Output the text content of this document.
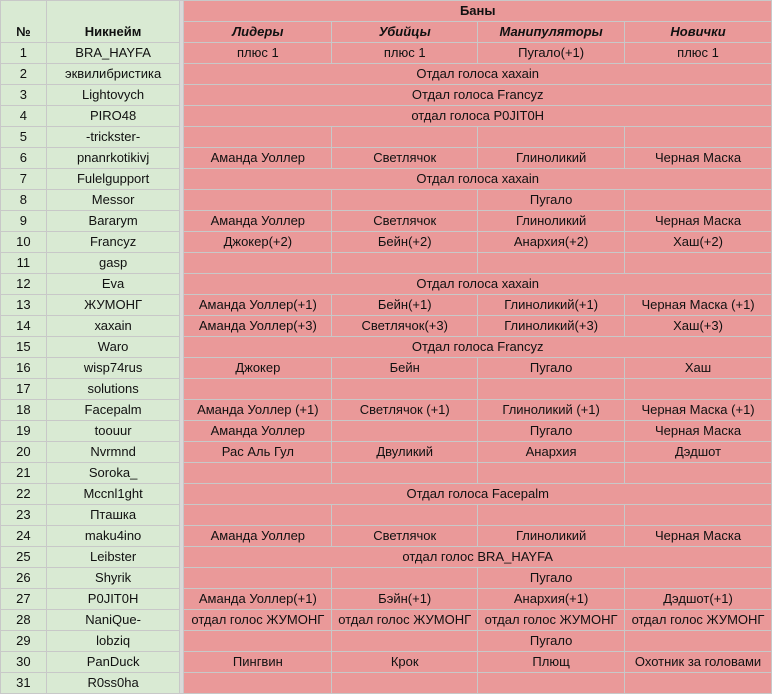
№	Никнейм		Баны			
			Лидеры	Убийцы	Манипуляторы	Новички
1	BRA_HAYFA		плюс 1	плюс 1	Пугало(+1)	плюс 1
2	эквилибристика		Отдал голоса хахаin			
3	Lightovych		Отдал голоса Francyz			
4	PIRO48		отдал голоса P0JIT0H			
5	-trickster-					
6	pnanrkotikivj		Аманда Уоллер	Светлячок	Глиноликий	Черная Маска
7	Fulelgupport		Отдал голоса хахаin			
8	Messor				Пугало	
9	Bararym		Аманда Уоллер	Светлячок	Глиноликий	Черная Маска
10	Francyz		Джокер(+2)	Бейн(+2)	Анархия(+2)	Хаш(+2)
11	gasp					
12	Eva		Отдал голоса хахаin			
13	ЖУМОНГ		Аманда Уоллер(+1)	Бейн(+1)	Глиноликий(+1)	Черная Маска (+1)
14	хахаin		Аманда Уоллер(+3)	Светлячок(+3)	Глиноликий(+3)	Хаш(+3)
15	Waro		Отдал голоса Francyz			
16	wisp74rus		Джокер	Бейн	Пугало	Хаш
17	solutions					
18	Facepalm		Аманда Уоллер (+1)	Светлячок (+1)	Глиноликий (+1)	Черная Маска (+1)
19	toouur		Аманда Уоллер		Пугало	Черная Маска
20	Nvrmnd		Рас Аль Гул	Двуликий	Анархия	Дэдшот
21	Soroka_					
22	Mccnl1ght		Отдал голоса Facepalm			
23	Пташка					
24	maku4ino		Аманда Уоллер	Светлячок	Глиноликий	Черная Маска
25	Leibster		отдал голос BRA_HAYFA			
26	Shyrik				Пугало	
27	P0JIT0H		Аманда Уоллер(+1)	Бэйн(+1)	Анархия(+1)	Дэдшот(+1)
28	NaniQue-		отдал голос ЖУМОНГ	отдал голос ЖУМОНГ	отдал голос ЖУМОНГ	отдал голос ЖУМОНГ
29	lobziq				Пугало	
30	PanDuck		Пингвин	Крок	Плющ	Охотник за головами
31	R0ss0ha					
